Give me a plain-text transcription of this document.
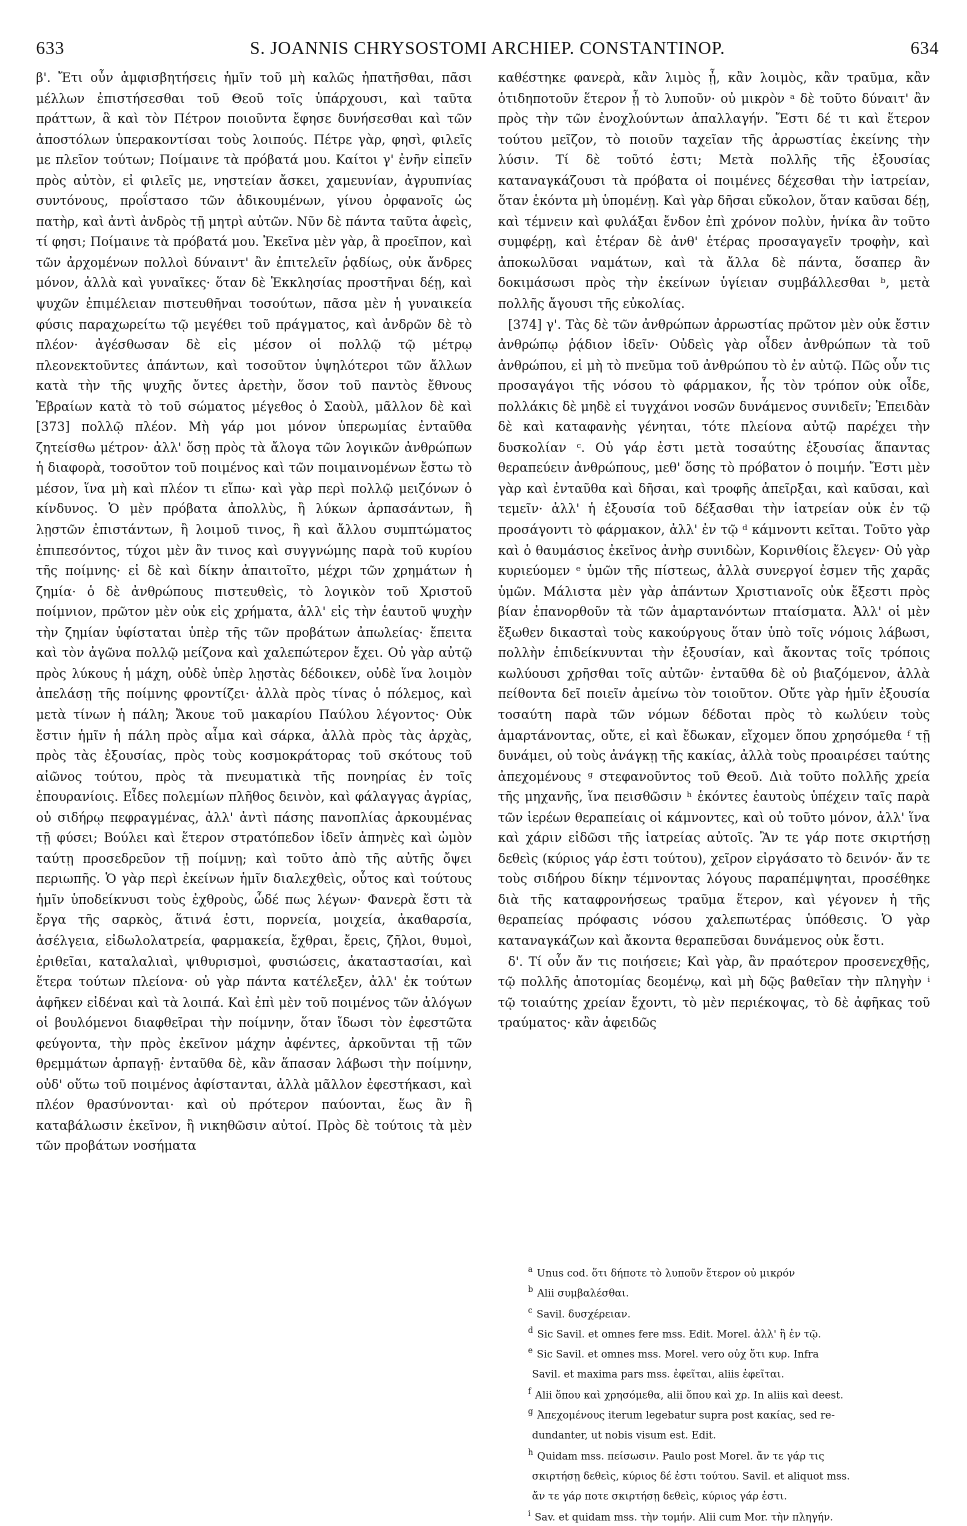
633	S. JOANNIS CHRYSOSTOMI ARCHIEP. CONSTANTINOP.	634

β'. Ἔτι οὖν ἀμφισβητήσεις ἡμῖν τοῦ μὴ καλῶς ἠπατῆσθαι, πᾶσι μέλλων ἐπιστήσεσθαι τοῦ Θεοῦ τοῖς ὑπάρχουσι, καὶ ταῦτα πράττων, ἃ καὶ τὸν Πέτρον ποιοῦντα ἔφησε δυνήσεσθαι καὶ τῶν ἀποστόλων ὑπερακοντίσαι τοὺς λοιπούς. Πέτρε γὰρ, φησὶ, φιλεῖς με πλεῖον τούτων; Ποίμαινε τὰ πρόβατά μου. Καίτοι γ' ἐνῆν εἰπεῖν πρὸς αὐτὸν, εἰ φιλεῖς με, νηστείαν ἄσκει, χαμευνίαν, ἀγρυπνίας συντόνους, προΐστασο τῶν ἀδικουμένων, γίνου ὀρφανοῖς ὡς πατὴρ, καὶ ἀντὶ ἀνδρὸς τῇ μητρὶ αὐτῶν. Νῦν δὲ πάντα ταῦτα ἀφεὶς, τί φησι; Ποίμαινε τὰ πρόβατά μου. Ἐκεῖνα μὲν γὰρ, ἃ προεῖπον, καὶ τῶν ἀρχομένων πολλοὶ δύναιντ' ἂν ἐπιτελεῖν ῥᾳδίως, οὐκ ἄνδρες μόνον, ἀλλὰ καὶ γυναῖκες· ὅταν δὲ Ἐκκλησίας προστῆναι δέῃ, καὶ ψυχῶν ἐπιμέλειαν πιστευθῆναι τοσούτων, πᾶσα μὲν ἡ γυναικεία φύσις παραχωρείτω τῷ μεγέθει τοῦ πράγματος, καὶ ἀνδρῶν δὲ τὸ πλέον· ἀγέσθωσαν δὲ εἰς μέσον οἱ πολλῷ τῷ μέτρῳ πλεονεκτοῦντες ἁπάντων, καὶ τοσοῦτον ὑψηλότεροι τῶν ἄλλων κατὰ τὴν τῆς ψυχῆς ὄντες ἀρετὴν, ὅσον τοῦ παντὸς ἔθνους Ἑβραίων κατὰ τὸ τοῦ σώματος μέγεθος ὁ Σαοὺλ, μᾶλλον δὲ καὶ [373] πολλῷ πλέον. Μὴ γάρ μοι μόνον ὑπερωμίας ἐνταῦθα ζητείσθω μέτρον· ἀλλ' ὅσῃ πρὸς τὰ ἄλογα τῶν λογικῶν ἀνθρώπων ἡ διαφορὰ, τοσοῦτον τοῦ ποιμένος καὶ τῶν ποιμαινομένων ἔστω τὸ μέσον, ἵνα μὴ καὶ πλέον τι εἴπω· καὶ γὰρ περὶ πολλῷ μειζόνων ὁ κίνδυνος. Ὁ μὲν πρόβατα ἀπολλὺς, ἢ λύκων ἁρπασάντων, ἢ λῃστῶν ἐπιστάντων, ἢ λοιμοῦ τινος, ἢ καὶ ἄλλου συμπτώματος ἐπιπεσόντος, τύχοι μὲν ἂν τινος καὶ συγγνώμης παρὰ τοῦ κυρίου τῆς ποίμνης· εἰ δὲ καὶ δίκην ἀπαιτοῖτο, μέχρι τῶν χρημάτων ἡ ζημία· ὁ δὲ ἀνθρώπους πιστευθεὶς, τὸ λογικὸν τοῦ Χριστοῦ ποίμνιον, πρῶτον μὲν οὐκ εἰς χρήματα, ἀλλ' εἰς τὴν ἑαυτοῦ ψυχὴν τὴν ζημίαν ὑφίσταται ὑπὲρ τῆς τῶν προβάτων ἀπωλείας· ἔπειτα καὶ τὸν ἀγῶνα πολλῷ μείζονα καὶ χαλεπώτερον ἔχει. Οὐ γὰρ αὐτῷ πρὸς λύκους ἡ μάχη, οὐδὲ ὑπὲρ λῃστὰς δέδοικεν, οὐδὲ ἵνα λοιμὸν ἀπελάσῃ τῆς ποίμνης φροντίζει· ἀλλὰ πρὸς τίνας ὁ πόλεμος, καὶ μετὰ τίνων ἡ πάλη; Ἄκουε τοῦ μακαρίου Παύλου λέγοντος· Οὐκ ἔστιν ἡμῖν ἡ πάλη πρὸς αἷμα καὶ σάρκα, ἀλλὰ πρὸς τὰς ἀρχὰς, πρὸς τὰς ἐξουσίας, πρὸς τοὺς κοσμοκράτορας τοῦ σκότους τοῦ αἰῶνος τούτου, πρὸς τὰ πνευματικὰ τῆς πονηρίας ἐν τοῖς ἐπουρανίοις. Εἶδες πολεμίων πλῆθος δεινὸν, καὶ φάλαγγας ἀγρίας, οὐ σιδήρῳ πεφραγμένας, ἀλλ' ἀντὶ πάσης πανοπλίας ἀρκουμένας τῇ φύσει; Βούλει καὶ ἕτερον στρατόπεδον ἰδεῖν ἀπηνὲς καὶ ὠμὸν ταύτῃ προσεδρεῦον τῇ ποίμνῃ; καὶ τοῦτο ἀπὸ τῆς αὐτῆς ὄψει περιωπῆς. Ὁ γὰρ περὶ ἐκείνων ἡμῖν διαλεχθεὶς, οὗτος καὶ τούτους ἡμῖν ὑποδείκνυσι τοὺς ἐχθροὺς, ὧδέ πως λέγων· Φανερὰ ἔστι τὰ ἔργα τῆς σαρκὸς, ἅτινά ἐστι, πορνεία, μοιχεία, ἀκαθαρσία, ἀσέλγεια, εἰδωλολατρεία, φαρμακεία, ἔχθραι, ἔρεις, ζῆλοι, θυμοὶ, ἐριθεῖαι, καταλαλιαὶ, ψιθυρισμοὶ, φυσιώσεις, ἀκαταστασίαι, καὶ ἕτερα τούτων πλείονα· οὐ γὰρ πάντα κατέλεξεν, ἀλλ' ἐκ τούτων ἀφῆκεν εἰδέναι καὶ τὰ λοιπά. Καὶ ἐπὶ μὲν τοῦ ποιμένος τῶν ἀλόγων οἱ βουλόμενοι διαφθεῖραι τὴν ποίμνην, ὅταν ἴδωσι τὸν ἐφεστῶτα φεύγοντα, τὴν πρὸς ἐκεῖνον μάχην ἀφέντες, ἀρκοῦνται τῇ τῶν θρεμμάτων ἁρπαγῇ· ἐνταῦθα δὲ, κἂν ἅπασαν λάβωσι τὴν ποίμνην, οὐδ' οὕτω τοῦ ποιμένος ἀφίστανται, ἀλλὰ μᾶλλον ἐφεστήκασι, καὶ πλέον θρασύνονται· καὶ οὐ πρότερον παύονται, ἕως ἂν ἢ καταβάλωσιν ἐκεῖνον, ἢ νικηθῶσιν αὐτοί. Πρὸς δὲ τούτοις τὰ μὲν τῶν προβάτων νοσήματα

καθέστηκε φανερὰ, κἂν λιμὸς ᾖ, κἂν λοιμὸς, κἂν τραῦμα, κἂν ὁτιδηποτοῦν ἕτερον ᾖ τὸ λυποῦν· οὐ μικρὸν ᵃ δὲ τοῦτο δύναιτ' ἂν πρὸς τὴν τῶν ἐνοχλούντων ἀπαλλαγήν. Ἔστι δέ τι καὶ ἕτερον τούτου μεῖζον, τὸ ποιοῦν ταχεῖαν τῆς ἀρρωστίας ἐκείνης τὴν λύσιν. Τί δὲ τοῦτό ἐστι; Μετὰ πολλῆς τῆς ἐξουσίας καταναγκάζουσι τὰ πρόβατα οἱ ποιμένες δέχεσθαι τὴν ἰατρείαν, ὅταν ἑκόντα μὴ ὑπομένῃ. Καὶ γὰρ δῆσαι εὔκολον, ὅταν καῦσαι δέῃ, καὶ τέμνειν καὶ φυλάξαι ἔνδον ἐπὶ χρόνον πολὺν, ἡνίκα ἂν τοῦτο συμφέρῃ, καὶ ἑτέραν δὲ ἀνθ' ἑτέρας προσαγαγεῖν τροφὴν, καὶ ἀποκωλῦσαι ναμάτων, καὶ τὰ ἄλλα δὲ πάντα, ὅσαπερ ἂν δοκιμάσωσι πρὸς τὴν ἐκείνων ὑγίειαν συμβάλλεσθαι ᵇ, μετὰ πολλῆς ἄγουσι τῆς εὐκολίας.

[374] γ'. Τὰς δὲ τῶν ἀνθρώπων ἀρρωστίας πρῶτον μὲν οὐκ ἔστιν ἀνθρώπῳ ῥᾴδιον ἰδεῖν· Οὐδεὶς γὰρ οἶδεν ἀνθρώπων τὰ τοῦ ἀνθρώπου, εἰ μὴ τὸ πνεῦμα τοῦ ἀνθρώπου τὸ ἐν αὐτῷ. Πῶς οὖν τις προσαγάγοι τῆς νόσου τὸ φάρμακον, ἧς τὸν τρόπον οὐκ οἶδε, πολλάκις δὲ μηδὲ εἰ τυγχάνοι νοσῶν δυνάμενος συνιδεῖν; Ἐπειδὰν δὲ καὶ καταφανὴς γένηται, τότε πλείονα αὐτῷ παρέχει τὴν δυσκολίαν ᶜ. Οὐ γάρ ἐστι μετὰ τοσαύτης ἐξουσίας ἅπαντας θεραπεύειν ἀνθρώπους, μεθ' ὅσης τὸ πρόβατον ὁ ποιμήν. Ἔστι μὲν γὰρ καὶ ἐνταῦθα καὶ δῆσαι, καὶ τροφῆς ἀπεῖρξαι, καὶ καῦσαι, καὶ τεμεῖν· ἀλλ' ἡ ἐξουσία τοῦ δέξασθαι τὴν ἰατρείαν οὐκ ἐν τῷ προσάγοντι τὸ φάρμακον, ἀλλ' ἐν τῷ ᵈ κάμνοντι κεῖται. Τοῦτο γὰρ καὶ ὁ θαυμάσιος ἐκεῖνος ἀνὴρ συνιδὼν, Κορινθίοις ἔλεγεν· Οὐ γὰρ κυριεύομεν ᵉ ὑμῶν τῆς πίστεως, ἀλλὰ συνεργοί ἐσμεν τῆς χαρᾶς ὑμῶν. Μάλιστα μὲν γὰρ ἁπάντων Χριστιανοῖς οὐκ ἔξεστι πρὸς βίαν ἐπανορθοῦν τὰ τῶν ἁμαρτανόντων πταίσματα. Ἀλλ' οἱ μὲν ἔξωθεν δικασταὶ τοὺς κακούργους ὅταν ὑπὸ τοῖς νόμοις λάβωσι, πολλὴν ἐπιδείκνυνται τὴν ἐξουσίαν, καὶ ἄκοντας τοῖς τρόποις κωλύουσι χρῆσθαι τοῖς αὐτῶν· ἐνταῦθα δὲ οὐ βιαζόμενον, ἀλλὰ πείθοντα δεῖ ποιεῖν ἀμείνω τὸν τοιοῦτον. Οὔτε γὰρ ἡμῖν ἐξουσία τοσαύτη παρὰ τῶν νόμων δέδοται πρὸς τὸ κωλύειν τοὺς ἁμαρτάνοντας, οὔτε, εἰ καὶ ἔδωκαν, εἴχομεν ὅπου χρησόμεθα ᶠ τῇ δυνάμει, οὐ τοὺς ἀνάγκῃ τῆς κακίας, ἀλλὰ τοὺς προαιρέσει ταύτης ἀπεχομένους ᵍ στεφανοῦντος τοῦ Θεοῦ. Διὰ τοῦτο πολλῆς χρεία τῆς μηχανῆς, ἵνα πεισθῶσιν ʰ ἑκόντες ἑαυτοὺς ὑπέχειν ταῖς παρὰ τῶν ἱερέων θεραπείαις οἱ κάμνοντες, καὶ οὐ τοῦτο μόνον, ἀλλ' ἵνα καὶ χάριν εἰδῶσι τῆς ἰατρείας αὐτοῖς. Ἂν τε γάρ ποτε σκιρτήσῃ δεθεὶς (κύριος γάρ ἐστι τούτου), χεῖρον εἰργάσατο τὸ δεινόν· ἄν τε τοὺς σιδήρου δίκην τέμνοντας λόγους παραπέμψηται, προσέθηκε διὰ τῆς καταφρονήσεως τραῦμα ἕτερον, καὶ γέγονεν ἡ τῆς θεραπείας πρόφασις νόσου χαλεπωτέρας ὑπόθεσις. Ὁ γὰρ καταναγκάζων καὶ ἄκοντα θεραπεῦσαι δυνάμενος οὐκ ἔστι.

δ'. Τί οὖν ἄν τις ποιήσειε; Καὶ γὰρ, ἂν πραότερον προσενεχθῇς, τῷ πολλῆς ἀποτομίας δεομένῳ, καὶ μὴ δῷς βαθεῖαν τὴν πληγὴν ⁱ τῷ τοιαύτης χρείαν ἔχοντι, τὸ μὲν περιέκοψας, τὸ δὲ ἀφῆκας τοῦ τραύματος· κἂν ἀφειδῶς

$^a$ Unus cod. ὅτι δήποτε τὸ λυποῦν ἕτερον οὐ μικρόν
$^b$ Alii συμβαλέσθαι.
$^c$ Savil. δυσχέρειαν.
$^d$ Sic Savil. et omnes fere mss. Edit. Morel. ἀλλ' ἢ ἐν τῷ.
$^e$ Sic Savil. et omnes mss. Morel. vero οὐχ ὅτι κυρ. Infra
Savil. et maxima pars mss. ἐφεῖται, aliis ἐφεῖται.
$^f$ Alii ὅπου καὶ χρησόμεθα, alii ὅπου καὶ χρ. In aliis καὶ deest.
$^g$ Ἀπεχομένους iterum legebatur supra post κακίας, sed re-
dundanter, ut nobis visum est. Edit.
$^h$ Quidam mss. πείσωσιν. Paulo post Morel. ἄν τε γάρ τις
σκιρτήσῃ δεθεὶς, κύριος δέ ἐστι τούτου. Savil. et aliquot mss.
ἄν τε γάρ ποτε σκιρτήσῃ δεθεὶς, κύριος γάρ ἐστι.
$^i$ Sav. et quidam mss. τὴν τομήν. Alii cum Mor. τὴν πληγήν.
